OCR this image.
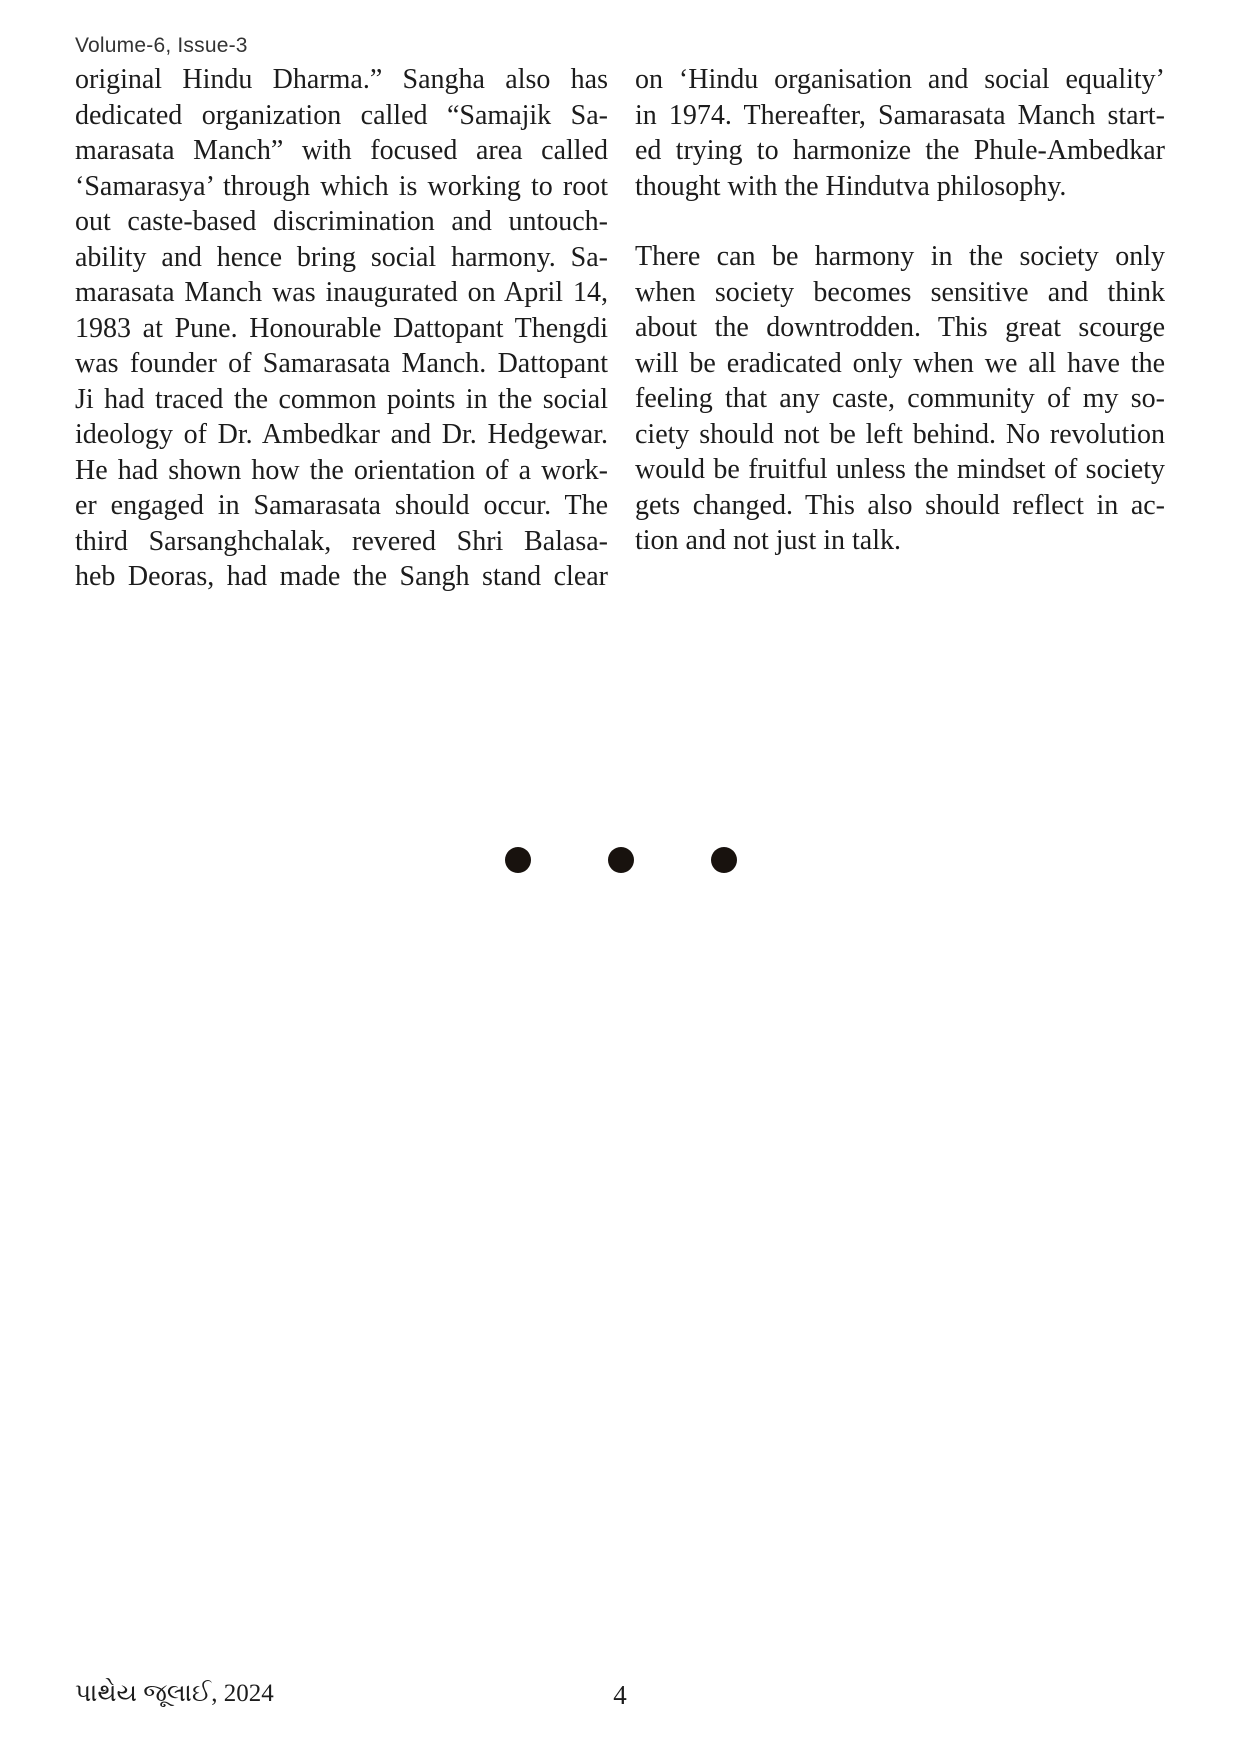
Volume-6, Issue-3
original Hindu Dharma.” Sangha also has
dedicated organization called “Samajik Sa-
marasata Manch” with focused area called
‘Samarasya’ through which is working to root
out caste-based discrimination and untouch-
ability and hence bring social harmony. Sa-
marasata Manch was inaugurated on April 14,
1983 at Pune. Honourable Dattopant Thengdi
was founder of Samarasata Manch. Dattopant
Ji had traced the common points in the social
ideology of Dr. Ambedkar and Dr. Hedgewar.
He had shown how the orientation of a work-
er engaged in Samarasata should occur. The
third Sarsanghchalak, revered Shri Balasa-
heb Deoras, had made the Sangh stand clear
on ‘Hindu organisation and social equality’
in 1974. Thereafter, Samarasata Manch start-
ed trying to harmonize the Phule-Ambedkar
thought with the Hindutva philosophy.
There can be harmony in the society only
when society becomes sensitive and think
about the downtrodden. This great scourge
will be eradicated only when we all have the
feeling that any caste, community of my so-
ciety should not be left behind. No revolution
would be fruitful unless the mindset of society
gets changed. This also should reflect in ac-
tion and not just in talk.
પાથેય જૂલાઈ, 2024	4
